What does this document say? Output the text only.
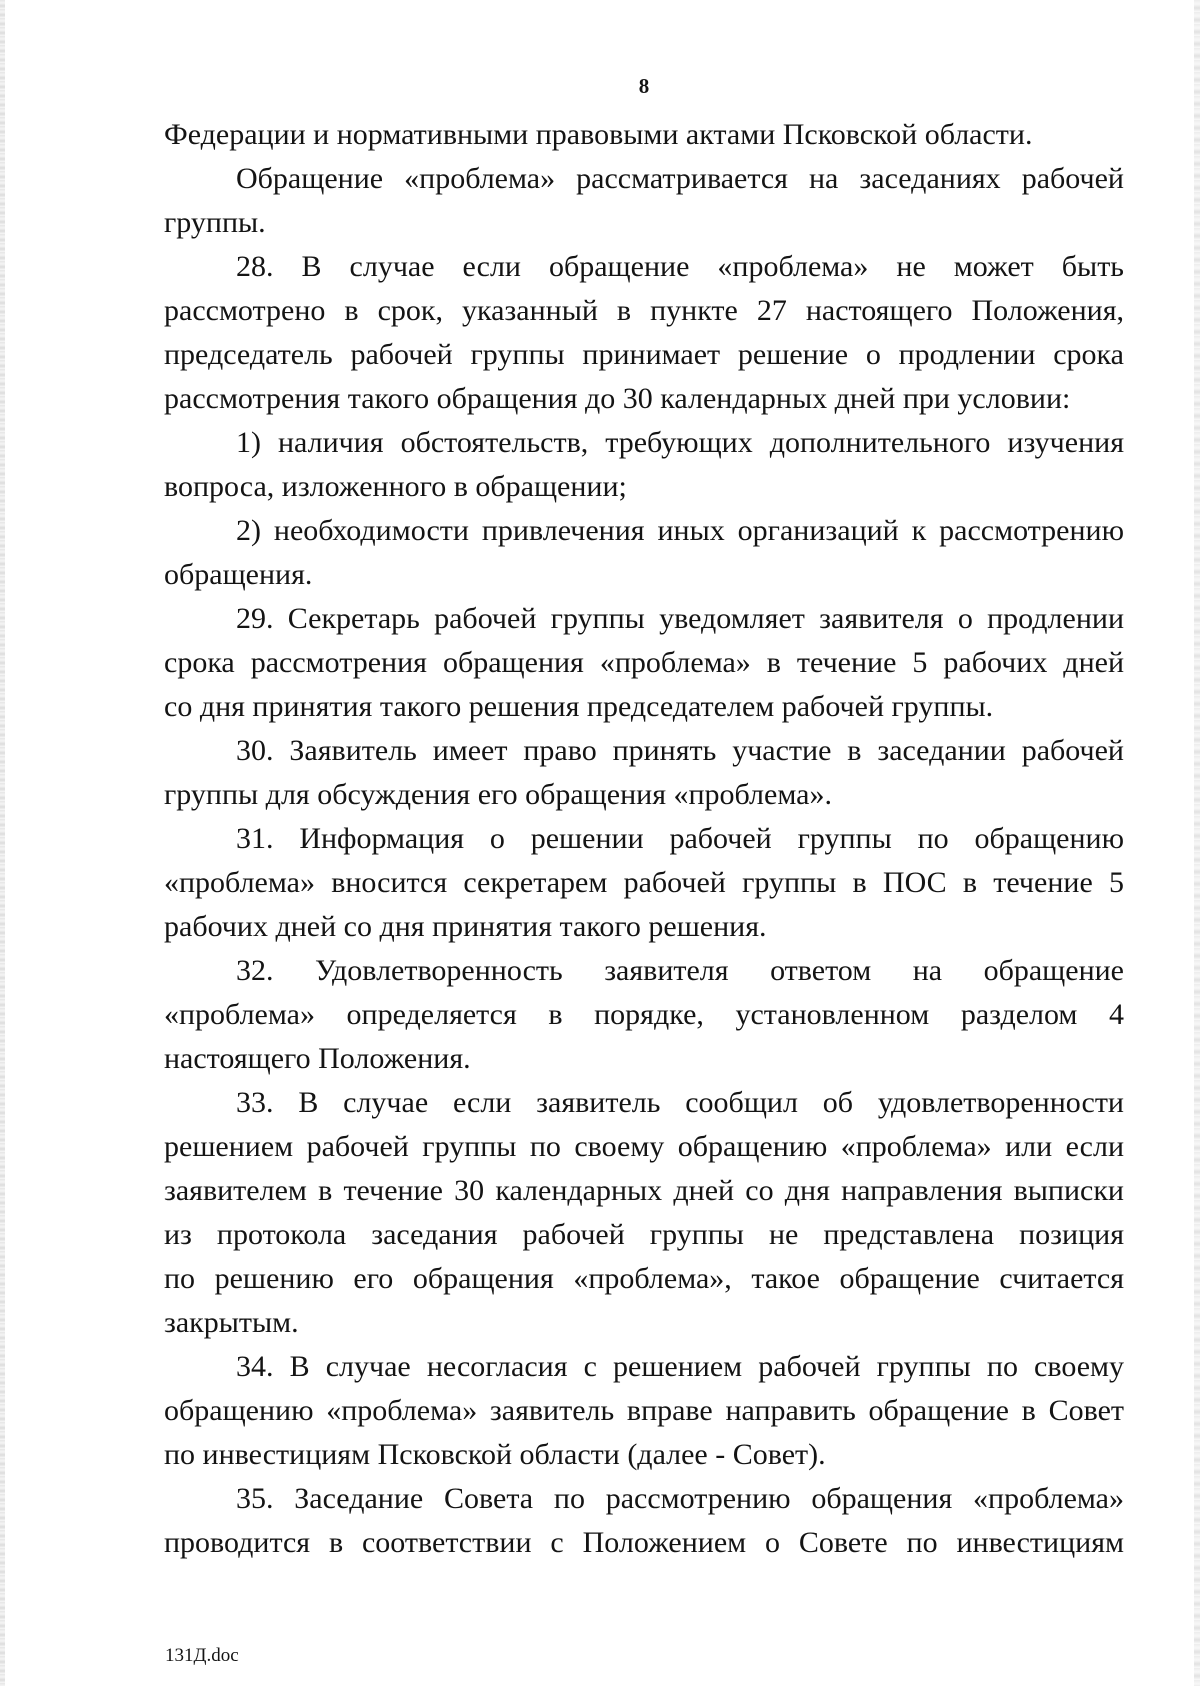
8

Федерации и нормативными правовыми актами Псковской области.

Обращение «проблема» рассматривается на заседаниях рабочей
группы.

28. В случае если обращение «проблема» не может быть
рассмотрено в срок, указанный в пункте 27 настоящего Положения,
председатель рабочей группы принимает решение о продлении срока
рассмотрения такого обращения до 30 календарных дней при условии:

1) наличия обстоятельств, требующих дополнительного изучения
вопроса, изложенного в обращении;

2) необходимости привлечения иных организаций к рассмотрению
обращения.

29. Секретарь рабочей группы уведомляет заявителя о продлении
срока рассмотрения обращения «проблема» в течение 5 рабочих дней
со дня принятия такого решения председателем рабочей группы.

30. Заявитель имеет право принять участие в заседании рабочей
группы для обсуждения его обращения «проблема».

31. Информация о решении рабочей группы по обращению
«проблема» вносится секретарем рабочей группы в ПОС в течение 5
рабочих дней со дня принятия такого решения.

32. Удовлетворенность заявителя ответом на обращение
«проблема» определяется в порядке, установленном разделом 4
настоящего Положения.

33. В случае если заявитель сообщил об удовлетворенности
решением рабочей группы по своему обращению «проблема» или если
заявителем в течение 30 календарных дней со дня направления выписки
из протокола заседания рабочей группы не представлена позиция
по решению его обращения «проблема», такое обращение считается
закрытым.

34. В случае несогласия с решением рабочей группы по своему
обращению «проблема» заявитель вправе направить обращение в Совет
по инвестициям Псковской области (далее - Совет).

35. Заседание Совета по рассмотрению обращения «проблема»
проводится в соответствии с Положением о Совете по инвестициям

131Д.doc
